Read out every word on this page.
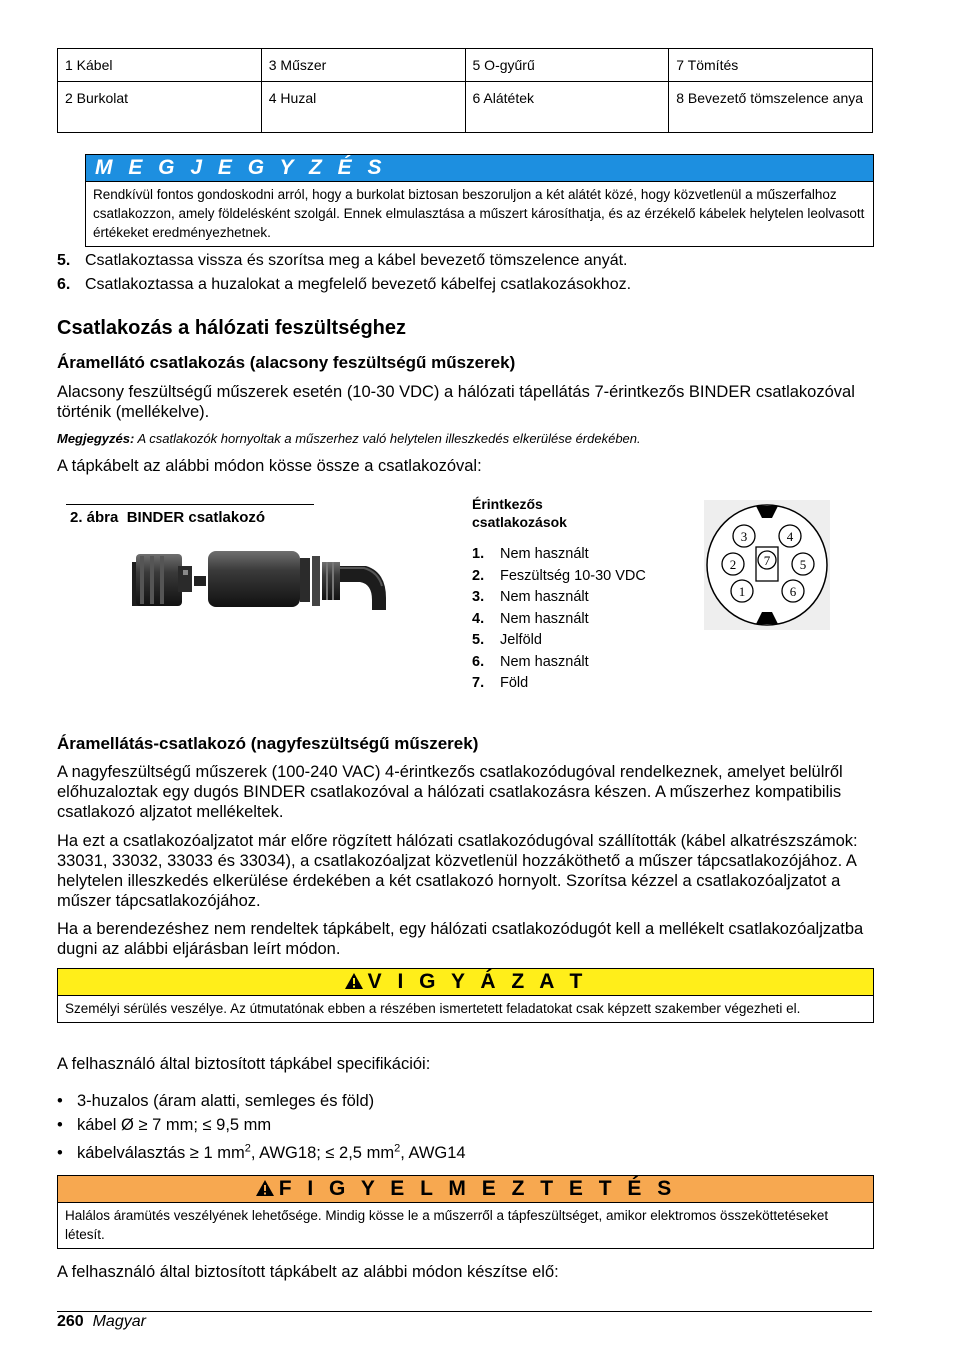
1 Kábel	3 Műszer	5 O-gyűrű	7 Tömítés
2 Burkolat	4 Huzal	6 Alátétek	8 Bevezető tömszelence anya
M E G J E G Y Z É S
Rendkívül fontos gondoskodni arról, hogy a burkolat biztosan beszoruljon a két alátét közé, hogy közvetlenül a műszerfalhoz csatlakozzon, amely földelésként szolgál. Ennek elmulasztása a műszert károsíthatja, és az érzékelő kábelek helytelen leolvasott értékeket eredményezhetnek.
5. Csatlakoztassa vissza és szorítsa meg a kábel bevezető tömszelence anyát.
6. Csatlakoztassa a huzalokat a megfelelő bevezető kábelfej csatlakozásokhoz.
Csatlakozás a hálózati feszültséghez
Áramellátó csatlakozás (alacsony feszültségű műszerek)
Alacsony feszültségű műszerek esetén (10-30 VDC) a hálózati tápellátás 7-érintkezős BINDER csatlakozóval történik (mellékelve).
Megjegyzés: A csatlakozók hornyoltak a műszerhez való helytelen illeszkedés elkerülése érdekében.
A tápkábelt az alábbi módon kösse össze a csatlakozóval:
2. ábra  BINDER csatlakozó
Érintkezős
csatlakozások
1. Nem használt
2. Feszültség 10-30 VDC
3. Nem használt
4. Nem használt
5. Jelföld
6. Nem használt
7. Föld
3	4
2 7 5
1	6
Áramellátás-csatlakozó (nagyfeszültségű műszerek)
A nagyfeszültségű műszerek (100-240 VAC) 4-érintkezős csatlakozódugóval rendelkeznek, amelyet belülről előhuzaloztak egy dugós BINDER csatlakozóval a hálózati csatlakozásra készen. A műszerhez kompatibilis csatlakozó aljzatot mellékeltek.
Ha ezt a csatlakozóaljzatot már előre rögzített hálózati csatlakozódugóval szállították (kábel alkatrészszámok: 33031, 33032, 33033 és 33034), a csatlakozóaljzat közvetlenül hozzáköthető a műszer tápcsatlakozójához. A helytelen illeszkedés elkerülése érdekében a két csatlakozó hornyolt. Szorítsa kézzel a csatlakozóaljzatot a műszer tápcsatlakozójához.
Ha a berendezéshez nem rendeltek tápkábelt, egy hálózati csatlakozódugót kell a mellékelt csatlakozóaljzatba dugni az alábbi eljárásban leírt módon.
V I G Y Á Z A T
Személyi sérülés veszélye. Az útmutatónak ebben a részében ismertetett feladatokat csak képzett szakember végezheti el.
A felhasználó által biztosított tápkábel specifikációi:
• 3-huzalos (áram alatti, semleges és föld)
• kábel Ø ≥ 7 mm; ≤ 9,5 mm
• kábelválasztás ≥ 1 $mm^2$, AWG18; ≤ 2,5 $mm^2$, AWG14
F I G Y E L M E Z T E T É S
Halálos áramütés veszélyének lehetősége. Mindig kösse le a műszerről a tápfeszültséget, amikor elektromos összeköttetéseket létesít.
A felhasználó által biztosított tápkábelt az alábbi módon készítse elő:
260 Magyar
